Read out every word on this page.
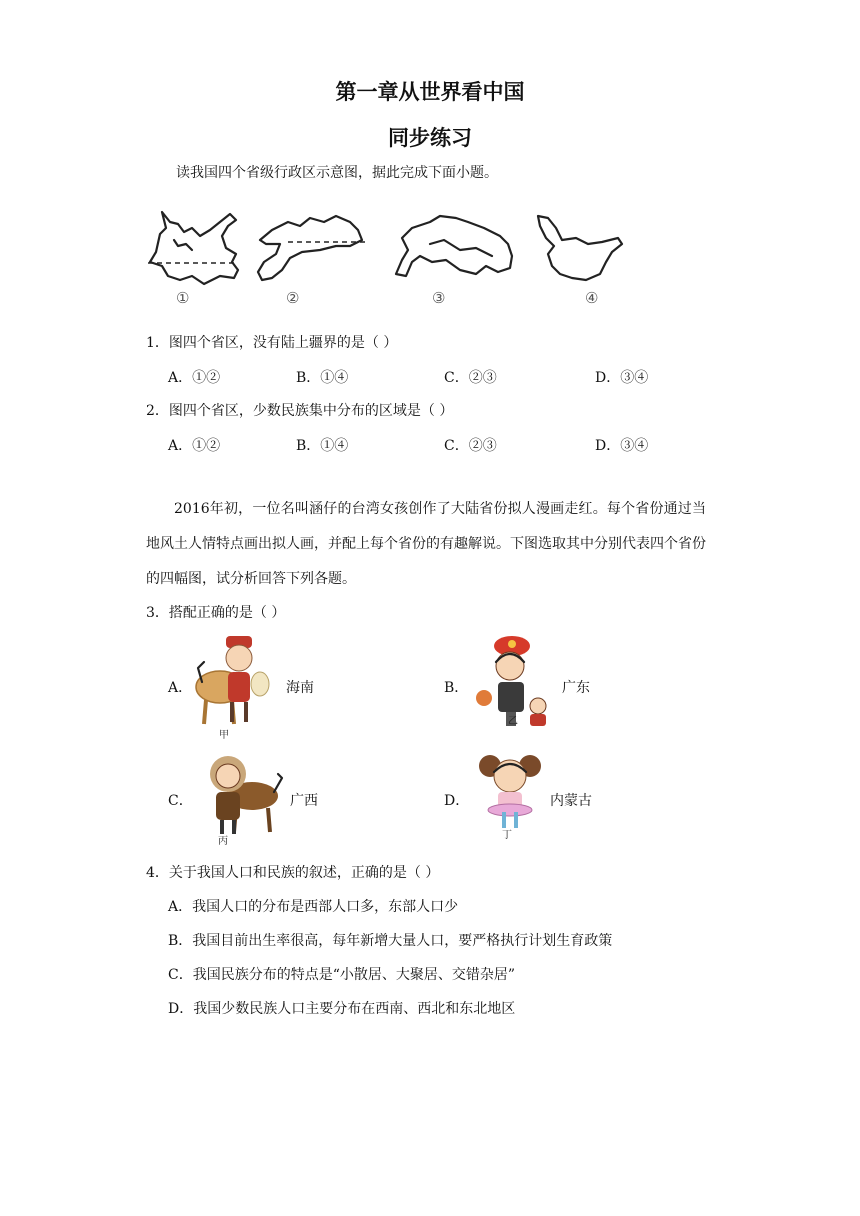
第一章从世界看中国
同步练习
读我国四个省级行政区示意图，据此完成下面小题。
①	②	③	④
1．图四个省区，没有陆上疆界的是（ ）
A．①②	B．①④	C．②③	D．③④
2．图四个省区，少数民族集中分布的区域是（ ）
A．①②	B．①④	C．②③	D．③④

2016年初，一位名叫涵仔的台湾女孩创作了大陆省份拟人漫画走红。每个省份通过当地风土人情特点画出拟人画，并配上每个省份的有趣解说。下图选取其中分别代表四个省份的四幅图，试分析回答下列各题。

3．搭配正确的是（ ）
A．
甲
海南	B．
乙
广东
C．
丙
广西	D．
丁
内蒙古
4．关于我国人口和民族的叙述，正确的是（ ）
A．我国人口的分布是西部人口多，东部人口少
B．我国目前出生率很高，每年新增大量人口，要严格执行计划生育政策
C．我国民族分布的特点是“小散居、大聚居、交错杂居”
D．我国少数民族人口主要分布在西南、西北和东北地区
